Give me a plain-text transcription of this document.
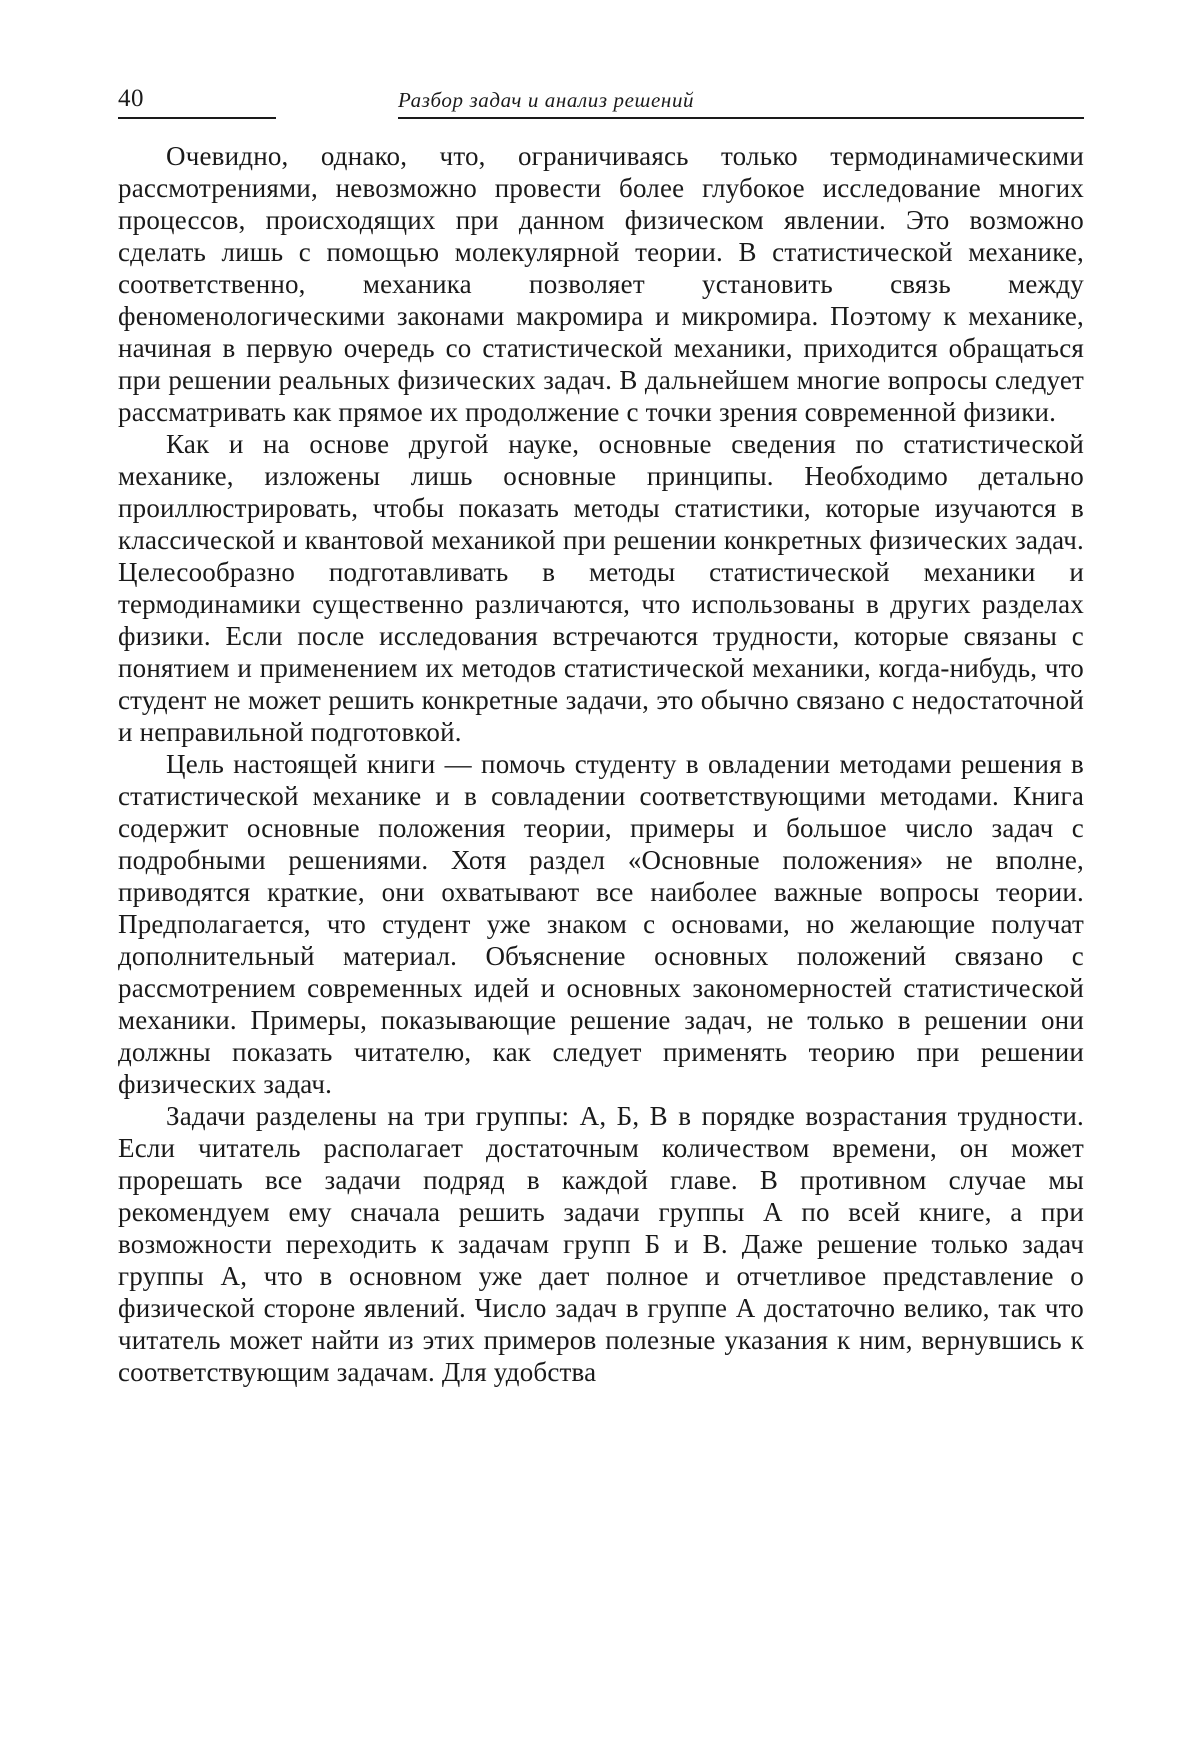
40	Разбор задач и анализ решений

Очевидно, однако, что, ограничиваясь только термодинамическими рассмотрениями, невозможно провести более глубокое исследование многих процессов, происходящих при данном физическом явлении. Это возможно сделать лишь с помощью молекулярной теории. В статистической механике, соответственно, механика позволяет установить связь между феноменологическими законами макромира и микромира. Поэтому к механике, начиная в первую очередь со статистической механики, приходится обращаться при решении реальных физических задач. В дальнейшем многие вопросы следует рассматривать как прямое их продолжение с точки зрения современной физики.

Как и на основе другой науке, основные сведения по статистической механике, изложены лишь основные принципы. Необходимо детально проиллюстрировать, чтобы показать методы статистики, которые изучаются в классической и квантовой механикой при решении конкретных физических задач. Целесообразно подготавливать в методы статистической механики и термодинамики существенно различаются, что использованы в других разделах физики. Если после исследования встречаются трудности, которые связаны с понятием и применением их методов статистической механики, когда-нибудь, что студент не может решить конкретные задачи, это обычно связано с недостаточной и неправильной подготовкой.

Цель настоящей книги — помочь студенту в овладении методами решения в статистической механике и в совладении соответствующими методами. Книга содержит основные положения теории, примеры и большое число задач с подробными решениями. Хотя раздел «Основные положения» не вполне, приводятся краткие, они охватывают все наиболее важные вопросы теории. Предполагается, что студент уже знаком с основами, но желающие получат дополнительный материал. Объяснение основных положений связано с рассмотрением современных идей и основных закономерностей статистической механики. Примеры, показывающие решение задач, не только в решении они должны показать читателю, как следует применять теорию при решении физических задач.

Задачи разделены на три группы: А, Б, В в порядке возрастания трудности. Если читатель располагает достаточным количеством времени, он может прорешать все задачи подряд в каждой главе. В противном случае мы рекомендуем ему сначала решить задачи группы А по всей книге, а при возможности переходить к задачам групп Б и В. Даже решение только задач группы А, что в основном уже дает полное и отчетливое представление о физической стороне явлений. Число задач в группе А достаточно велико, так что читатель может найти из этих примеров полезные указания к ним, вернувшись к соответствующим задачам. Для удобства
